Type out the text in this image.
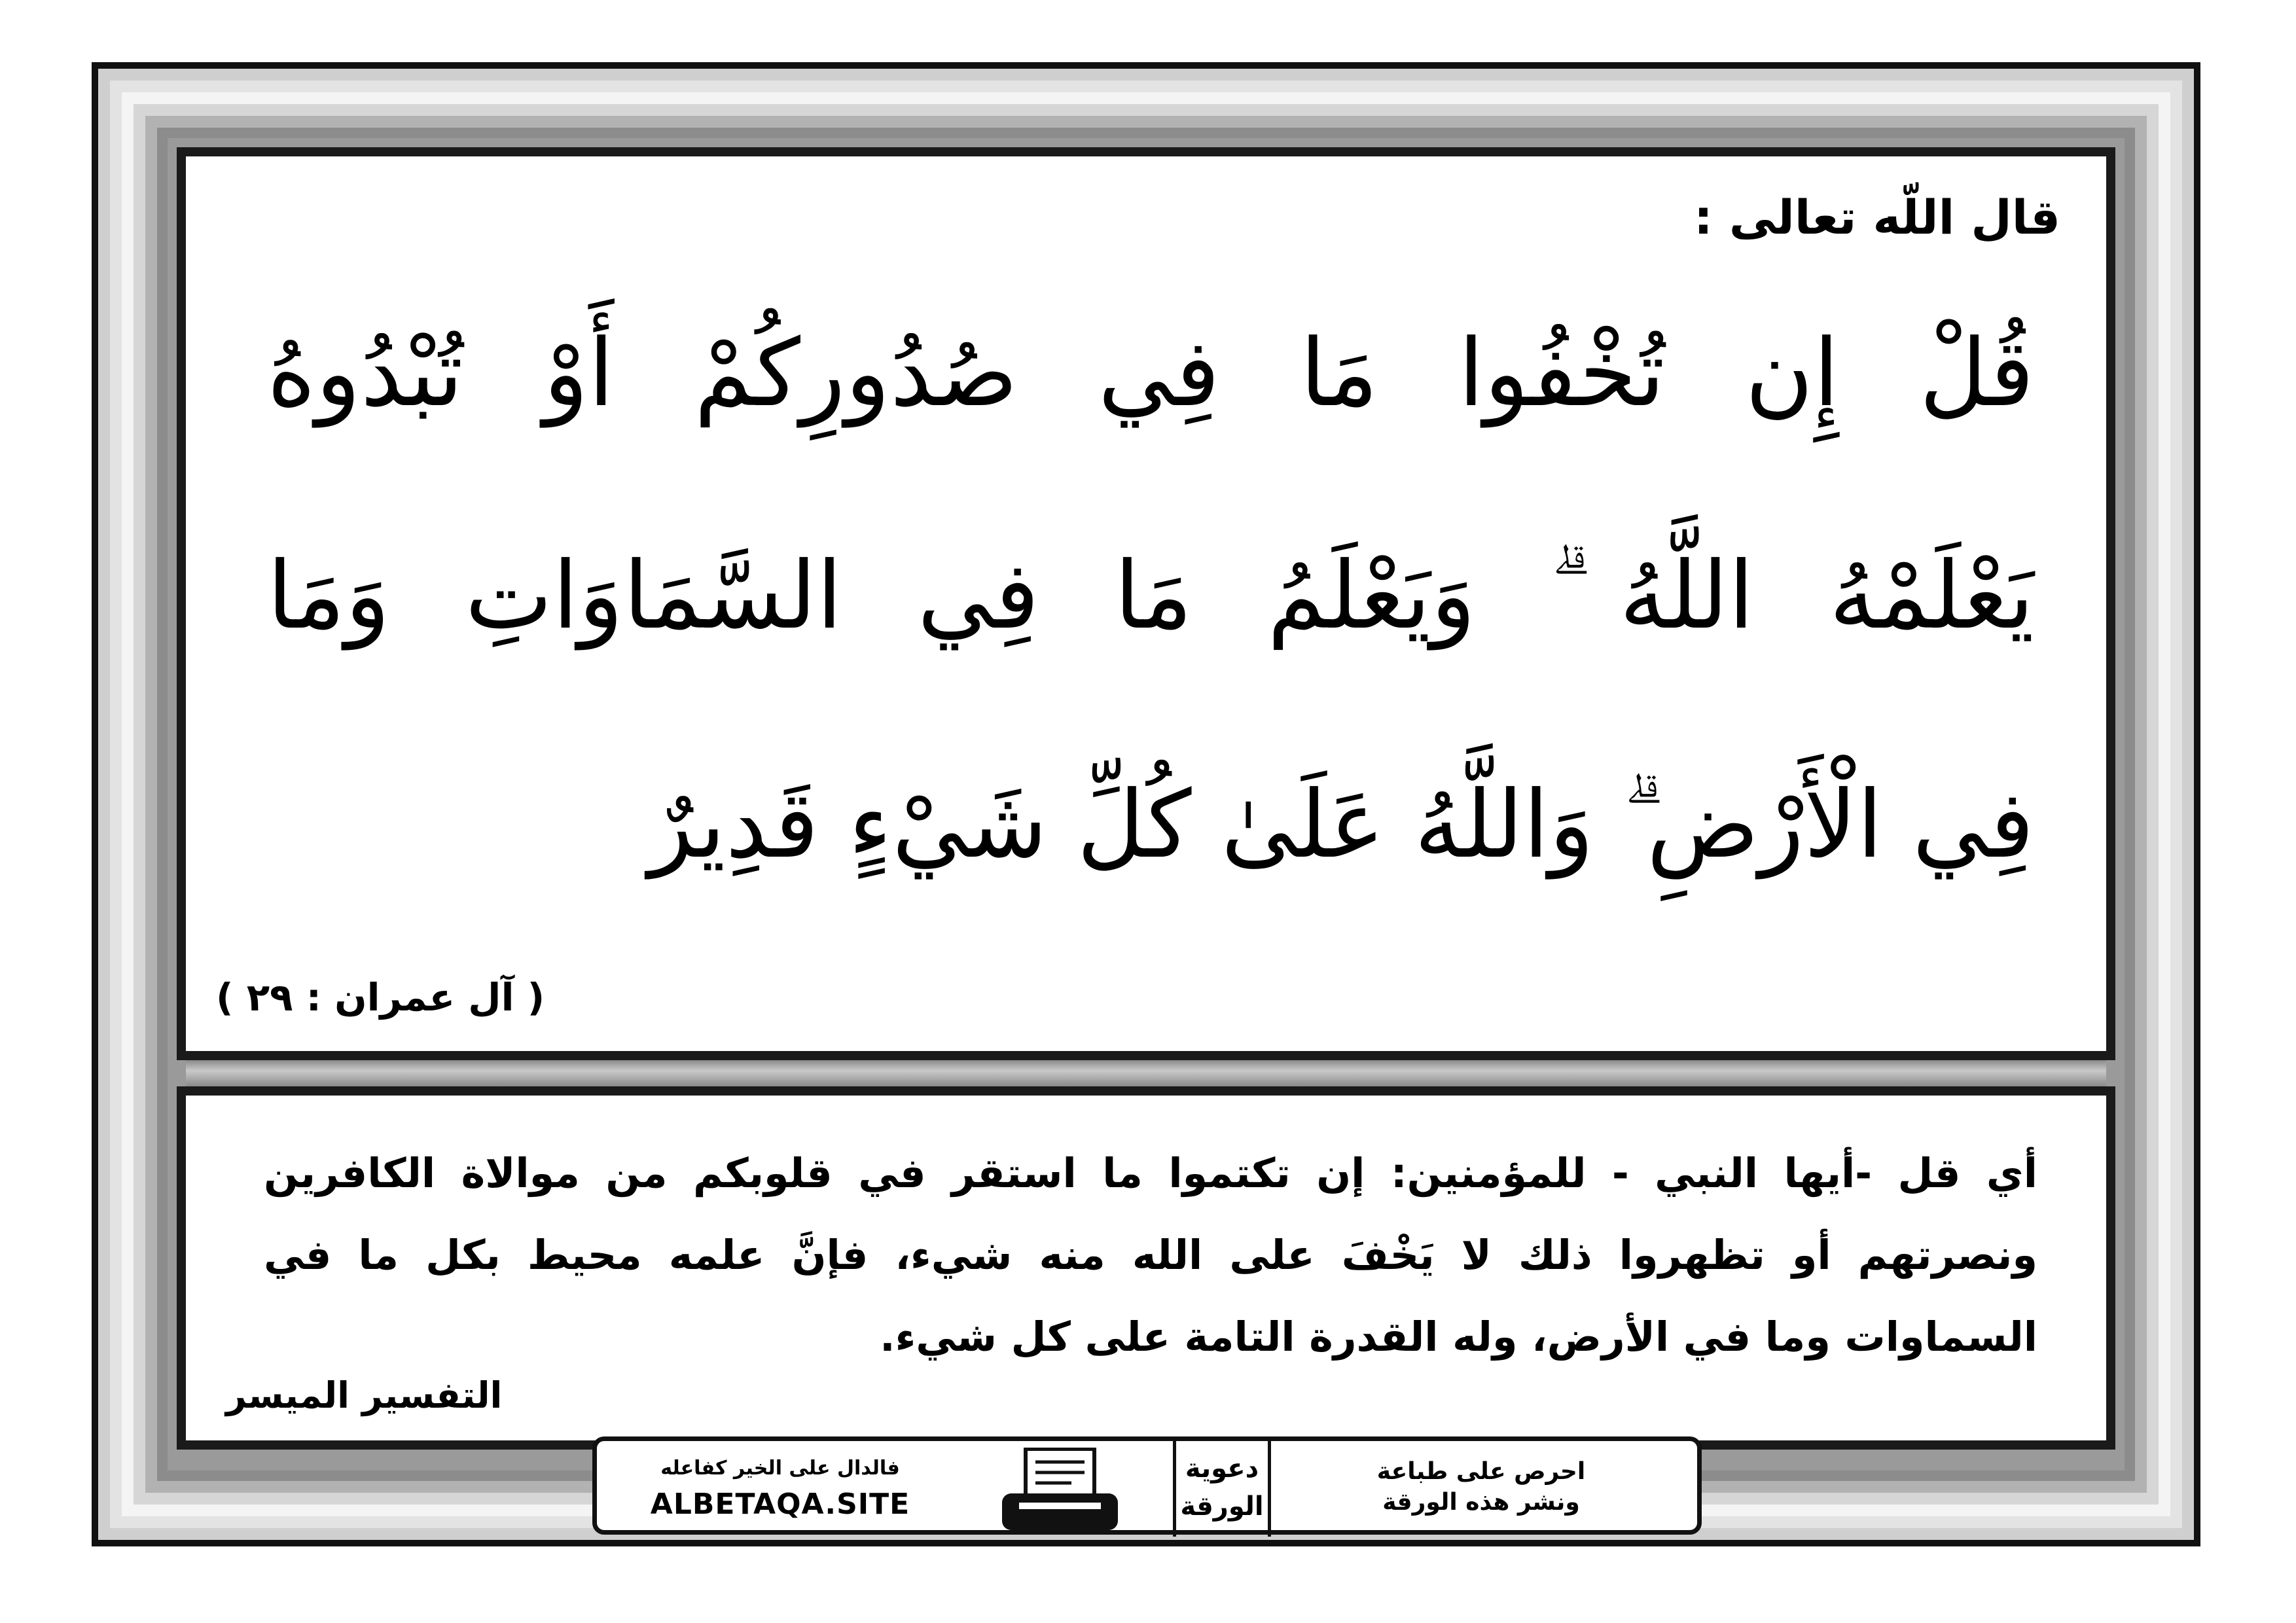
قال اللّه تعالى :
قُلْ إِن تُخْفُوا مَا فِي صُدُورِكُمْ أَوْ تُبْدُوهُ
يَعْلَمْهُ اللَّهُ ۗ وَيَعْلَمُ مَا فِي السَّمَاوَاتِ وَمَا
فِي الْأَرْضِ ۗ وَاللَّهُ عَلَىٰ كُلِّ شَيْءٍ قَدِيرٌ
( آل عمران : ٢٩ )
أي قل -أيها النبي - للمؤمنين: إن تكتموا ما استقر في قلوبكم من موالاة الكافرين ونصرتهم أو تظهروا ذلك لا يَخْفَ على الله منه شيء، فإنَّ علمه محيط بكل ما في السماوات وما في الأرض، وله القدرة التامة على كل شيء.
التفسير الميسر
فالدال على الخير كفاعله
ALBETAQA.SITE
دعوية
الورقة
احرص على طباعة
ونشر هذه الورقة
